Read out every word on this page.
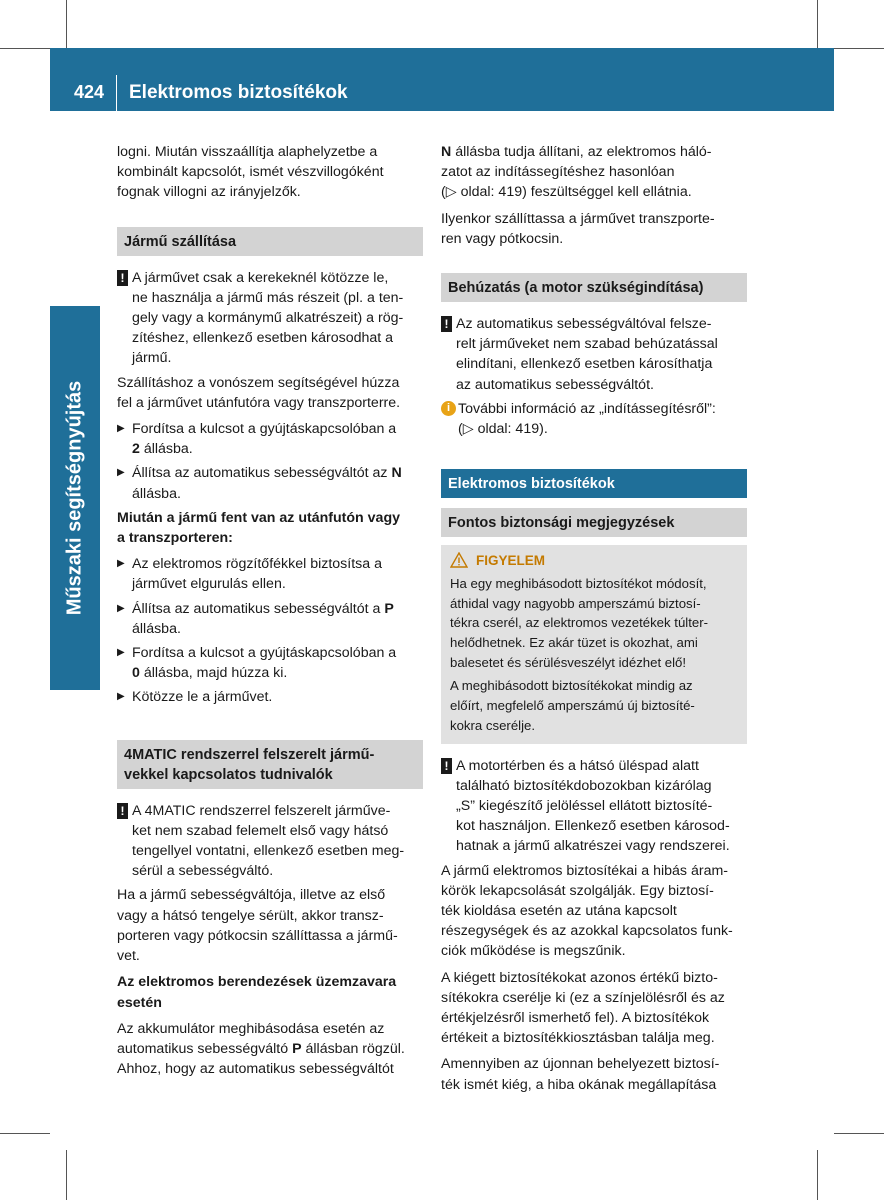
424 Elektromos biztosítékok
Műszaki segítségnyújtás

logni. Miután visszaállítja alaphelyzetbe a
kombinált kapcsolót, ismét vészvillogóként
fognak villogni az irányjelzők.

Jármű szállítása
! A járművet csak a kerekeknél kötözze le,
ne használja a jármű más részeit (pl. a ten-
gely vagy a kormánymű alkatrészeit) a rög-
zítéshez, ellenkező esetben károsodhat a
jármű.

Szállításhoz a vonószem segítségével húzza
fel a járművet utánfutóra vagy transzporterre.

▶ Fordítsa a kulcsot a gyújtáskapcsolóban a
2 állásba.
▶ Állítsa az automatikus sebességváltót az N
állásba.

Miután a jármű fent van az utánfutón vagy
a transzporteren:

▶ Az elektromos rögzítőfékkel biztosítsa a
járművet elgurulás ellen.
▶ Állítsa az automatikus sebességváltót a P
állásba.
▶ Fordítsa a kulcsot a gyújtáskapcsolóban a
0 állásba, majd húzza ki.
▶ Kötözze le a járművet.
4MATIC rendszerrel felszerelt jármű-
vekkel kapcsolatos tudnivalók
! A 4MATIC rendszerrel felszerelt járműve-
ket nem szabad felemelt első vagy hátsó
tengellyel vontatni, ellenkező esetben meg-
sérül a sebességváltó.

Ha a jármű sebességváltója, illetve az első
vagy a hátsó tengelye sérült, akkor transz-
porteren vagy pótkocsin szállíttassa a jármű-
vet.

Az elektromos berendezések üzemzavara
esetén

Az akkumulátor meghibásodása esetén az
automatikus sebességváltó P állásban rögzül.
Ahhoz, hogy az automatikus sebességváltót

N állásba tudja állítani, az elektromos háló-
zatot az indítássegítéshez hasonlóan
(▷ oldal: 419) feszültséggel kell ellátnia.

Ilyenkor szállíttassa a járművet transzporte-
ren vagy pótkocsin.

Behúzatás (a motor szükségindítása)
! Az automatikus sebességváltóval felsze-
relt járműveket nem szabad behúzatással
elindítani, ellenkező esetben károsíthatja
az automatikus sebességváltót.
i További információ az „indítássegítésről”:
(▷ oldal: 419).
Elektromos biztosítékok
Fontos biztonsági megjegyzések
FIGYELEM

Ha egy meghibásodott biztosítékot módosít,
áthidal vagy nagyobb amperszámú biztosí-
tékra cserél, az elektromos vezetékek túlter-
helődhetnek. Ez akár tüzet is okozhat, ami
balesetet és sérülésveszélyt idézhet elő!

A meghibásodott biztosítékokat mindig az
előírt, megfelelő amperszámú új biztosíté-
kokra cserélje.

! A motortérben és a hátsó üléspad alatt
található biztosítékdobozokban kizárólag
„S” kiegészítő jelöléssel ellátott biztosíté-
kot használjon. Ellenkező esetben károsod-
hatnak a jármű alkatrészei vagy rendszerei.

A jármű elektromos biztosítékai a hibás áram-
körök lekapcsolását szolgálják. Egy biztosí-
ték kioldása esetén az utána kapcsolt
részegységek és az azokkal kapcsolatos funk-
ciók működése is megszűnik.

A kiégett biztosítékokat azonos értékű bizto-
sítékokra cserélje ki (ez a színjelölésről és az
értékjelzésről ismerhető fel). A biztosítékok
értékeit a biztosítékkiosztásban találja meg.

Amennyiben az újonnan behelyezett biztosí-
ték ismét kiég, a hiba okának megállapítása
